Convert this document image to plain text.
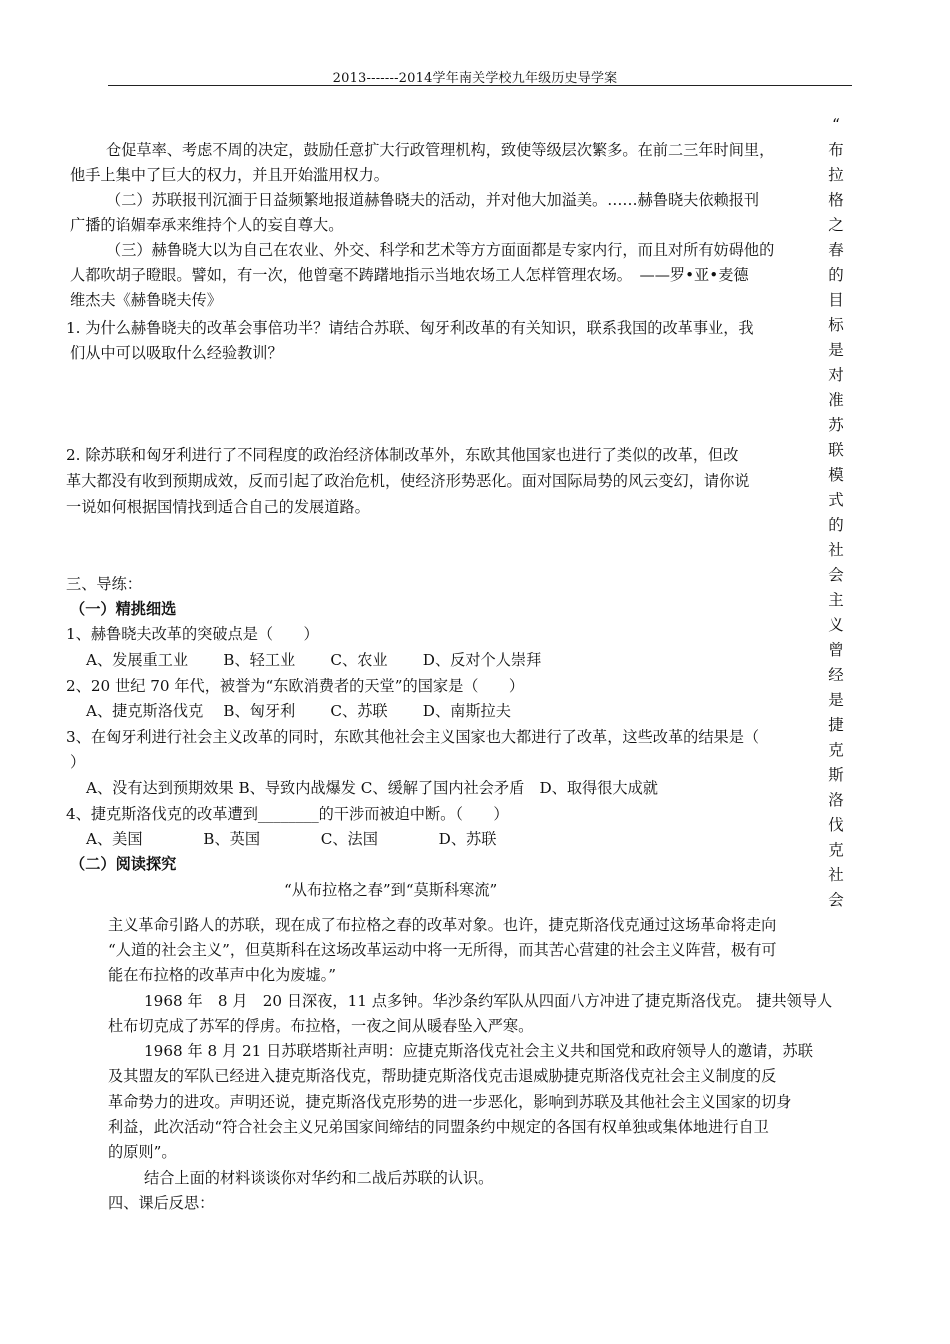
2013-------2014学年南关学校九年级历史导学案
仓促草率、考虑不周的决定，鼓励任意扩大行政管理机构，致使等级层次繁多。在前二三年时间里，
他手上集中了巨大的权力，并且开始滥用权力。
（二）苏联报刊沉湎于日益频繁地报道赫鲁晓夫的活动，并对他大加溢美。……赫鲁晓夫依赖报刊
广播的谄媚奉承来维持个人的妄自尊大。
（三）赫鲁晓大以为自己在农业、外交、科学和艺术等方方面面都是专家内行，而且对所有妨碍他的
人都吹胡子瞪眼。譬如，有一次，他曾毫不踌躇地指示当地农场工人怎样管理农场。　——罗•亚•麦德
维杰夫《赫鲁晓夫传》
1. 为什么赫鲁晓夫的改革会事倍功半？请结合苏联、匈牙利改革的有关知识，联系我国的改革事业，我
们从中可以吸取什么经验教训？
2. 除苏联和匈牙利进行了不同程度的政治经济体制改革外，东欧其他国家也进行了类似的改革，但改
革大都没有收到预期成效，反而引起了政治危机，使经济形势恶化。面对国际局势的风云变幻，请你说
一说如何根据国情找到适合自己的发展道路。
三、导练：
（一）精挑细选
1、赫鲁晓夫改革的突破点是（　　）
A、发展重工业　　 B、轻工业　　 C、农业　　 D、反对个人崇拜
2、20 世纪 70 年代，被誉为“东欧消费者的天堂”的国家是（　　）
A、捷克斯洛伐克　 B、匈牙利　　 C、苏联　　 D、南斯拉夫
3、在匈牙利进行社会主义改革的同时，东欧其他社会主义国家也大都进行了改革，这些改革的结果是（
）
A、没有达到预期效果 B、导致内战爆发 C、缓解了国内社会矛盾　D、取得很大成就
4、捷克斯洛伐克的改革遭到________的干涉而被迫中断。（　　）
A、美国　　　　B、英国　　　　C、法国　　　　D、苏联
（二）阅读探究
“从布拉格之春”到“莫斯科寒流”
主义革命引路人的苏联，现在成了布拉格之春的改革对象。也许，捷克斯洛伐克通过这场革命将走向
“人道的社会主义”，但莫斯科在这场改革运动中将一无所得，而其苦心营建的社会主义阵营，极有可
能在布拉格的改革声中化为废墟。”
1968 年　8 月　20 日深夜，11 点多钟。华沙条约军队从四面八方冲进了捷克斯洛伐克。 捷共领导人
杜布切克成了苏军的俘虏。布拉格，一夜之间从暖春坠入严寒。
1968 年 8 月 21 日苏联塔斯社声明：应捷克斯洛伐克社会主义共和国党和政府领导人的邀请，苏联
及其盟友的军队已经进入捷克斯洛伐克，帮助捷克斯洛伐克击退威胁捷克斯洛伐克社会主义制度的反
革命势力的进攻。声明还说，捷克斯洛伐克形势的进一步恶化，影响到苏联及其他社会主义国家的切身
利益，此次活动“符合社会主义兄弟国家间缔结的同盟条约中规定的各国有权单独或集体地进行自卫
的原则”。
结合上面的材料谈谈你对华约和二战后苏联的认识。
四、课后反思：
“
布
拉
格
之
春
的
目
标
是
对
准
苏
联
模
式
的
社
会
主
义
曾
经
是
捷
克
斯
洛
伐
克
社
会
